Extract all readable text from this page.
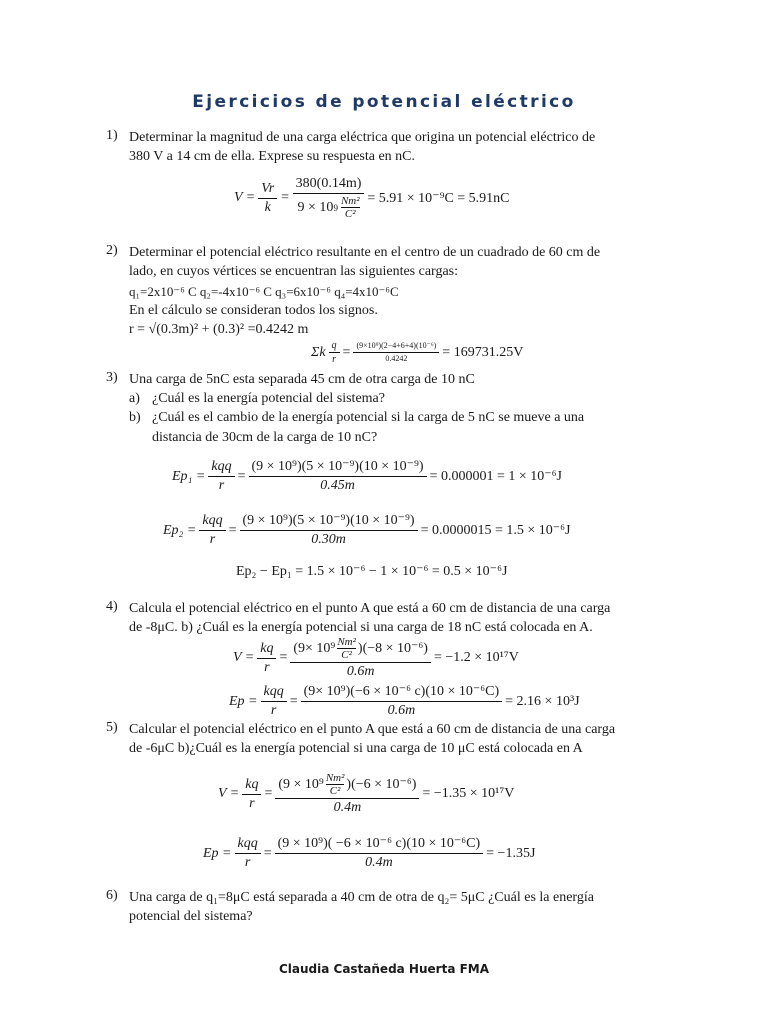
Ejercicios de potencial eléctrico
1) Determinar la magnitud de una carga eléctrica que origina un potencial eléctrico de
380 V a 14 cm de ella. Exprese su respuesta en nC.
$V = \frac{Vr}{k} = \frac{380(0.14m)}{9 \times 10 9 \frac{\text{Nm²}}{\text{C²}}} = 5.91 \times 10^{-9}C = 5.91nC$
2) Determinar el potencial eléctrico resultante en el centro de un cuadrado de 60 cm de
lado, en cuyos vértices se encuentran las siguientes cargas:
q₁=2x10⁻⁶ C q₂=-4x10⁻⁶ C q₃=6x10⁻⁶ q₄=4x10⁻⁶C
En el cálculo se consideran todos los signos.
r = √(0.3m)² + (0.3)² =0.4242 m
Σk $\frac{q}{r} = \frac{\text{(9×10⁹)(2−4+6+4)(10⁻⁶)}}{0.4242} = 169731.25V$
3) Una carga de 5nC esta separada 45 cm de otra carga de 10 nC
a) ¿Cuál es la energía potencial del sistema?
b) ¿Cuál es el cambio de la energía potencial si la carga de 5 nC se mueve a una
distancia de 30cm de la carga de 10 nC?
$Ep_1 = \frac{\text{kqq}}{r} = \frac{\text{(9 × 10⁹)(5 × 10⁻⁹)(10 × 10⁻⁹)}}{0.45m} = 0.000001 = 1 \times 10^{-6}J$
$Ep_2 = \frac{\text{kqq}}{r} = \frac{\text{(9 × 10⁹)(5 × 10⁻⁹)(10 × 10⁻⁹)}}{0.30m} = 0.0000015 = 1.5 \times 10^{-6}J$
Ep₂ − Ep₁ = 1.5 × 10⁻⁶ − 1 × 10⁻⁶ = 0.5 × 10⁻⁶J
4) Calcula el potencial eléctrico en el punto A que está a 60 cm de distancia de una carga
de -8μC. b) ¿Cuál es la energía potencial si una carga de 18 nC está colocada en A.
$V = \frac{kq}{r} = \frac{(9\times 10^9 \frac{\text{Nm²}}{\text{C²}} )(-8 \times 10^{-6})}{0.6m} = -1.2 \times 10^{17}V$
$Ep = \frac{\text{kqq}}{r} = \frac{\text{(9× 10⁹)(−6 × 10⁻⁶ c)(10 × 10⁻⁶C)}}{0.6m} = 2.16 \times 10^3J$
5) Calcular el potencial eléctrico en el punto A que está a 60 cm de distancia de una carga
de -6μC b)¿Cuál es la energía potencial si una carga de 10 μC está colocada en A
$V = \frac{kq}{r} = \frac{(9 \times 10^9 \frac{\text{Nm²}}{\text{C²}} )(-6 \times 10^{-6})}{0.4m} = -1.35 \times 10^{17}V$
$Ep = \frac{\text{kqq}}{r} = \frac{\text{(9 × 10⁹)( −6 × 10⁻⁶ c)(10 × 10⁻⁶C)}}{0.4m} = -1.35J$
6) Una carga de q₁=8μC está separada a 40 cm de otra de q₂= 5μC ¿Cuál es la energía
potencial del sistema?
Claudia Castañeda Huerta FMA
